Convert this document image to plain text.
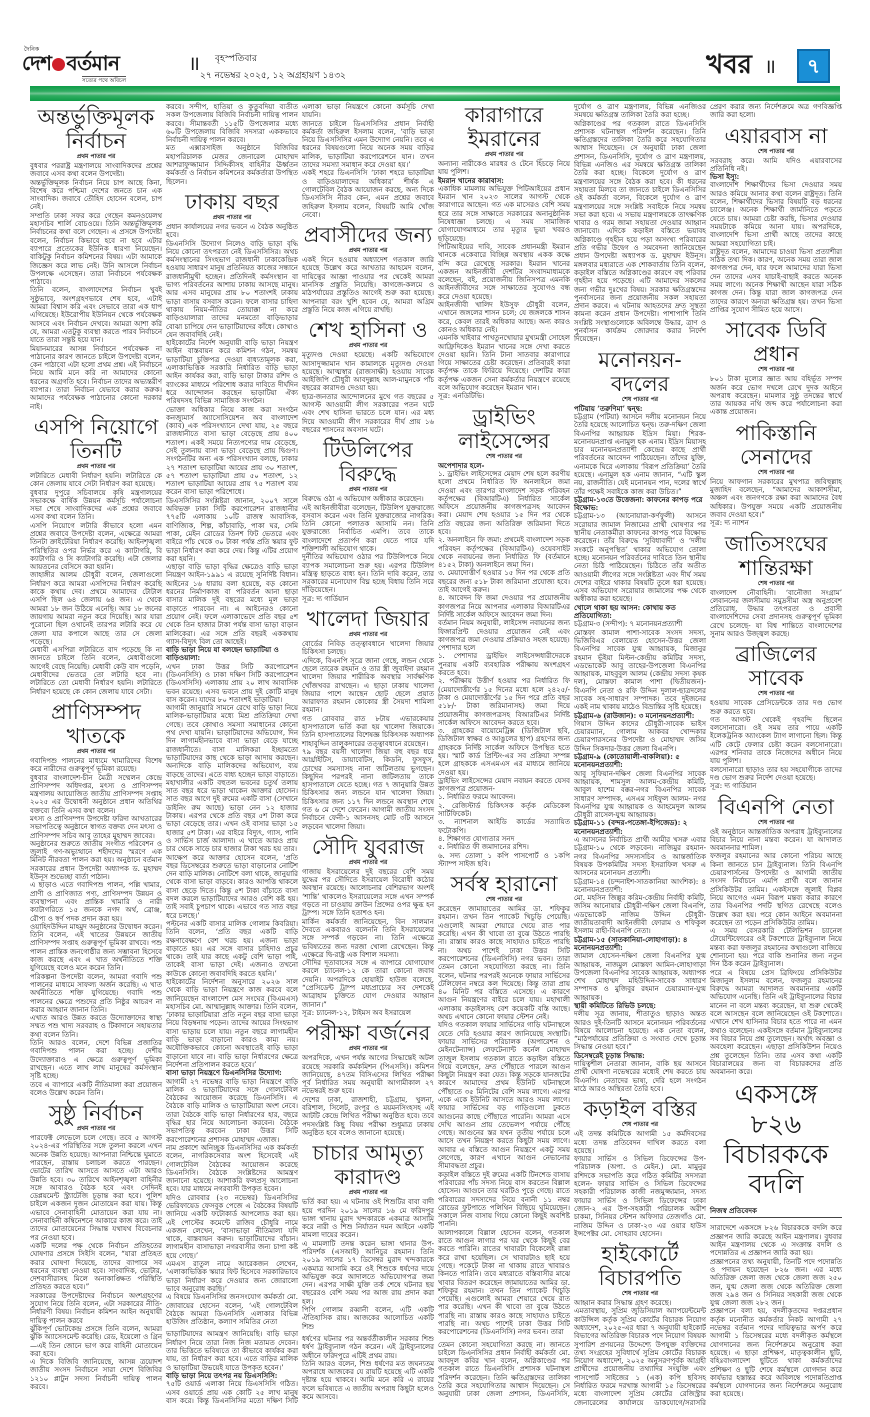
দৈনিক
দেশ বর্তমান
সত্যের পথে অবিচল
॥ বৃহস্পতিবার
২৭ নভেম্বর ২০২৫, ১২ অগ্রহায়ণ ১৪৩২	খবর ॥	৭
অন্তর্ভুক্তিমূলক নির্বাচন
প্রথম পাতার পর

বুধবার পররাষ্ট্র মন্ত্রণালয়ে সাংবাদিকদের প্রশ্নের জবাবে এসব কথা বলেন উপদেষ্টা।

অন্তর্ভুক্তিমূলক নির্বাচন নিয়ে চাপ আছে কিনা, বিশেষ করে পশ্চিমা দেশের জনতে চান এক সাংবাদিক। জবাবে তৌহিদ হোসেন বলেন, চাপ নেই।

সম্প্রতি ঢাকা সফর করে গেছেন কমনওয়েলথ মহাসচিব শার্লি বোচওয়ে। তিনি অন্তর্ভুক্তিমূলক নির্বাচনের কথা বলে গেছেন। এ প্রসঙ্গে উপদেষ্টা বলেন, নির্বাচন কিভাবে হবে না হবে এটার ব্যাপারে প্রত্যেকের ইউনিক ধারণা নিয়েছেন। বাকিটুকু নির্বাচন কমিশনের বিষয়। এটা আমাকে জিজ্ঞেস করে লাভ নেই। উনি আসলে নির্বাচন উপলক্ষে এসেছেন। তারা নির্বাচনে পর্যবেক্ষক পাঠাবে।

তিনি বলেন, বাংলাদেশের নির্বাচন খুবই সুষ্ঠুভাবে, অংশগ্রহণভাবে শেষ হবে, এটাই আমরা বিশ্বাস করি এবং সেভাবে তারা এক ধাপ এগিয়েছে। ইউরোপীয় ইউনিয়ন থেকে পর্যবেক্ষক আসবে এবং নির্বাচন দেখবে। আমরা আশা করি যে, আমরা এতটুকু ব্যবস্থা করতে পারব নির্বাচনে যাতে তারা সন্তুষ্ট হয়ে যান।

মিয়ানমারের আসন্ন নির্বাচনে পর্যবেক্ষক না পাঠানোর কারণ জানতে চাইলে উপদেষ্টা বলেন, কেন পাঠাবো এটা হলো প্রথম প্রশ্ন। এই নির্বাচনে নিয়ে আমি মনে করি না আমাদের কোনো ধরনের অগ্রগতি হবে। নির্বাচন তাদের অভ্যন্তরীণ ব্যাপার। তারা নির্বাচন যেভাবে করার করুক। আমাদের পর্যবেক্ষক পাঠানোর কোনো দরকার নাই।

এসপি নিয়োগে তিনটি
প্রথম পাতার পর

লটারিতে মেধাবী নির্ধারণ হয়নি। লটারিতে কে কোন জেলায় যাবে সেটা নির্ধারণ করা হয়েছে।

বুধবার দুপুরে সচিবালয়ে কৃষি মন্ত্রণালয়ের সভাকক্ষে বার্ষিক উন্নয়ন কর্মসূচি পর্যালোচনা সভা শেষে সাংবাদিকদের এক প্রশ্নের জবাবে এসব কথা বলেন তিনি।

এসপি নিয়োগে লটারি কীভাবে হলো এমন প্রশ্নের জবাবে উপদেষ্টা বলেন, এক্ষেত্রে আমরা তিনটা ক্রাইটেরিয়া নির্ধারণ করেছি। আইনশৃঙ্খলা পরিস্থিতির ওপর নির্ভর করে এ ক্যাটাগরি, বি ক্যাটাগরি ও সি ক্যাটাগরি করেছি। এটা জেলার আয়তনের বেসিসে করা হয়নি।

জাহাঙ্গীর আলম চৌধুরী বলেন, জেলাগুলো নির্ধারণ করে আমরা এসপিদের নির্ধারণ করেছি কাকে কথায় দেব। প্রথমে আমাদের টোটাল এসপি ছিল ৬৪ জেলায় ৬৪ জন। এ থেকে আমরা ১৮ জন উঠিয়ে এনেছি। আর ১৮ জনের জায়গায় আমরা নতুন করে দিয়েছি। আর যারা পুরোনো ছিল ওখানেই তারপর লটারি করে যে জেলা যার কপালে আছে তার সে জেলা পড়েছে।

মেধাবী এসপিরা লটারিতে বাদ পড়েছে কি না জানতে চাইলে তিনি বলেন, মেধাবীগুলো আগেই বেছে নিয়েছি। মেধাবী কেউ বাদ পড়েনি, মেধাবীদের ভেতরে তো লটারি হবে না। লটারিতে তো মেধাবী নির্ধারণ হয়নি। লটারিতে নির্ধারণ হয়েছে কে কোন জেলায় যাবে সেটা।

প্রাণিসম্পদ খাতকে
প্রথম পাতার পর

গবাদিপশু পালনের মাধ্যমে খামারিদের বিশেষ করে নারীদের গুরুত্বপূর্ণ ভূমিকা রয়েছে।

বুধবার বাংলাদেশ-চীন মৈত্রী সম্মেলন কেন্দ্রে প্রাণিসম্পদ অধিদপ্তর, মৎস্য ও প্রাণিসম্পদ মন্ত্রণালয় আয়োজিত জাতীয় প্রাণিসম্পদ সপ্তাহ ২০২৫ এর উদ্বোধনী অনুষ্ঠানে প্রধান অতিথির বক্তব্যে তিনি এসব কথা বলেন।

মৎস্য ও প্রাণিসম্পদ উপদেষ্টা ফরিদা আখতারের সভাপতিত্বে অনুষ্ঠানে স্বাগত বক্তব্য দেন মৎস্য ও প্রাণিসম্পদ সচিব আবু তাহের মুহাম্মদ জাবের।

অনুষ্ঠানের শুরুতে জাতীয় সংগীত পরিবেশন ও জুলাই গণ-অভ্যুত্থানে শহীদদের স্মরণে এক মিনিট নীরবতা পালন করা হয়। অনুষ্ঠানে বর্তমান সরকারের প্রধান উপদেষ্টা অধ্যাপক ড. মুহাম্মদ ইউনূস শুভেচ্ছা বার্তা পাঠান।

এ ছাড়াও এতে গবাদিপশু পালন, পল্লি খামার, প্রাণী ও প্রাণিজাত পণ্য, প্রাণিসম্পদ উন্নয়ন ও ব্যবস্থাপনা এবং প্রান্তিক খামারি ও নারী ক্যাটাগরিতে ১৫ জনকে নগদ অর্থ, ব্রোঞ্জ, রৌপ্য ও স্বর্ণ পদক প্রদান করা হয়।

ওয়াহিদউদ্দিন মাহমুদ অনুষ্ঠানের উদ্বোধন করেন। তিনি বলেন, এই খাতের উন্নয়নে জাতীয় প্রাণিসম্পদ সপ্তাহ গুরুত্বপূর্ণ ভূমিকা রাখবে। পশু পালন প্রান্তিক জনগোষ্ঠীর জন্য সম্ভাবনা হিসেবে কাজ করছে এবং এ খাত অর্থনীতিতে শক্তি যুগিয়েছে বলেও মনে করেন তিনি।

পরিকল্পনা উপদেষ্টা বলেন, আমরা গবাদি পশু পালনের মাধ্যমে সাফল্য অর্জন করেছি। এ খাত অর্থনীতিতে শক্তি যুগিয়েছে। গবাদি পশু পালনের ক্ষেত্রে পশুদের প্রতি নিষ্ঠুর আচরণ না করার আহ্বান জানান তিনি।

এখাত আরও উন্নত করতে উদ্যোক্তাদের স্বাস্থ্য সম্মত পশু খাদ্য সরবরাহ ও টিকাদানে সহায়তার কথা বলেন তিনি।

তিনি আরও বলেন, দেশে বিভিন্ন প্রজাতির গবাদিপশু পালন করা হচ্ছে। দেশীয় উদ্যোক্তারাও এ ক্ষেত্রে গুরুত্বপূর্ণ ভূমিকা রাখছেন। এতে লাখ লাখ মানুষের কর্মসংস্থান সৃষ্টি হচ্ছে।

তবে এ ব্যাপারে একটি নীতিমালা করা প্রয়োজন বলেও উল্লেখ করেন তিনি।

সুষ্ঠু নির্বাচন
প্রথম পাতার পর

পারফেক্ট লেভেলে চলে গেছে। তবে ৫ আগস্ট ২০২৪-এর পরিস্থিতির সঙ্গে তুলনা করলে এখন অনেক উন্নতি হয়েছে। আপনারা নিশ্চিন্তে ঘুমাতে পারছেন, রাস্তায় চলাচল করতে পারছেন। ভোটের তারিখ আসতে আসতে এটা আরও উন্নতি হবে। ৩০ তারিখে আইনশৃঙ্খলা বাহিনীর সঙ্গে আবারও বৈঠক হবে এবং সেদিনই ডেপ্লয়মেন্ট স্ট্র্যাটেজি চূড়ান্ত করা হবে। পুলিশ চাইলে একজন দুজন মোতায়েন করা যায়। কিন্তু এভাবে সেনাবাহিনী মোতায়েন করা যায় না। সেনাবাহিনী কম্বিনেশনে আকারে কাজ করে। তাই তাদের মোতায়েনের সিদ্ধান্ত যথাযথ বিবেচনার পর নেওয়া হবে।

একটি দলের পক্ষ থেকে নির্বাচন প্রতিহতের ঘোষণার প্রসঙ্গে সিইসি বলেন, “যারা প্রতিহত করার ঘোষণা দিয়েছে, তাদের ব্যাপারে সব ধরনের ব্যবস্থা নেওয়া হবে। সাংবাদিক, ভোটার, দেশবাসীরাসহ মিলে অনাকাঙ্ক্ষিত পরিস্থিতি প্রতিহত করতে হবে।”

সরকারের উপদেষ্টাদের নির্বাচনে অংশগ্রহণের সুযোগ নিয়ে তিনি বলেন, এটা সরকারের নীতি-নির্ধারণী বিষয়। নির্বাচন কমিশন আইন অনুযায়ী দায়িত্ব পালন করবে

ঝুঁকিপূর্ণ ভোটকেন্দ্র প্রসঙ্গে তিনি বলেন, আমরা ঝুঁকি অ্যাসেসমেন্ট করেছি। রেড, ইয়েলো ও গ্রিন—এই তিন জোনে ভাগ করে বাহিনী মোতায়েন করা হবে।

এ দিকে বিজিবি জানিয়েছে, আসন্ন ত্রয়োদশ জাতীয় সংসদ নির্বাচনে সারা দেশে বিজিবির ১২১০ প্লাটুন সদস্য নির্বাচনী দায়িত্ব পালন করবে।

করবে। সন্দীপ, হাতিয়া ও কুতুবদিয়া ব্যতীত সকল উপজেলায় বিজিবি নির্বাচনী দায়িত্ব পালন করবে। সীমান্তবর্তী ১১৫টি উপজেলার মধ্যে ৬০টি উপজেলায় বিজিবি সদস্যরা এককভাবে নির্বাচনী দায়িত্ব পালন করবে।

মত এক্সারসাইজ অনুষ্ঠানে বিজিবির মহাপরিচালক মেজর জেনারেল মোহাম্মদ আশরাফুজ্জামান সিদ্দিকীসহ বাহিনীর ঊর্ধ্বতন কর্মকর্তা ও নির্বাচন কমিশনের কর্মকর্তারা উপস্থিত ছিলেন।

ঢাকায় বছর
প্রথম পাতার পর

প্রধান কার্যালয়ের নগর ভবনে এ বৈঠক অনুষ্ঠিত হবে।

ডিএনসিসি উদ্যোগ নিলেও বাড়ি ভাড়া বৃদ্ধি নিয়ে কোনো তৎপরতা নেই ডিএসসিসির। অথচ কর্মসংস্থানের সিংহভাগ রাজধানী ঢাকাকেন্দ্রিক হওয়ায় সাধারণ মানুষ প্রতিনিয়ত কাজের সন্ধানে রাজধানীমুখী হচ্ছেন। প্রতিদিনই কর্মসংস্থান বা ভাগ্য পরিবর্তনের আশায় ঢাকায় আসছে মানুষ। আর এসব মানুষের প্রায় ৮০ শতাংশই ঢাকায় ভাড়া বাসায় বসবাস করেন। ফলে বাসার চাহিদা থাকায় নিয়ম-নীতির তোয়াক্কা না করে বাড়িওয়ালারা তাদের মনমতো বাড়িভাড়ার বোঝা চাপিয়ে দেন ভাড়াটিয়াদের কাঁধে। কোথাও যেন জবাবদিহি নেই।

হাইকোর্টের নির্দেশ অনুযায়ী বাড়ি ভাড়া নিয়ন্ত্রণ আইন বাস্তবায়ন করে কমিশন গঠন, সমন্বয় ভাড়াটিয়া চুক্তিপত্র দেওয়া বাধ্যতামূলক করা, এলাকাভিত্তিক সরকারি নির্ধারিত বাড়ি ভাড়া আইন কার্যকর করা, বাড়ি ভাড়া টাকার রশিদ ও ব্যাংকের মাধ্যমে পরিশোধ করার দাবিতে দীর্ঘদিন ধরে আন্দোলন করছেন ভাড়াটিয়া ঐক্য পরিষদসহ বিভিন্ন সামাজিক সংগঠন।

ভোক্তা অধিকার নিয়ে কাজ করা সংগঠন কনজ্যুমার্স অ্যাসোসিয়েশন অব বাংলাদেশ (ক্যাব) এক পরিসংখ্যানে দেখা যায়, ২৫ বছরে রাজধানীতে বাসা ভাড়া বেড়েছে প্রায় ৪০০ শতাংশ। একই সময়ে নিত্যপণ্যের দাম বেড়েছে, সেই তুলনায় বাসা ভাড়া বেড়েছে প্রায় দ্বিগুণ। সংগঠনটির অন্য এক পরিসংখ্যান বলছে, ঢাকার ২৭ শতাংশ ভাড়াটিয়া আয়ের প্রায় ৩০ শতাংশ, ৫৭ শতাংশ ভাড়াটিয়া প্রায় ৫০ শতাংশ, ১২ শতাংশ ভাড়াটিয়া আয়ের প্রায় ৭৫ শতাংশ ব্যয় করেন বাসা ভাড়া পরিশোধে।

ডিএসসিসির সংশ্লিষ্টরা জানান, ২০০৭ সালে অবিভক্ত ঢাকা সিটি করপোরেশন রাজধানীর ৭৭৫টি এলাকায় ১০টি রাজস্ব আবাসিক, বাণিজ্যিক, শিল্প, কাঁচাবাড়ি, পাকা ঘর, সেমি পাকা, মেইন রোডের তিনশ ফিট ভেতরে এবং বাইরে পাঁচ থেকে ৩০ টাকা পর্যন্ত প্রতি স্কয়ার ফুট ভাড়া নির্ধারণ করা করে দেয়। কিন্তু এটির প্রয়োগ করা হয়নি।

এছাড়া বাড়ি ভাড়া বৃদ্ধির ক্ষেত্রেও বাড়ি ভাড়া নিয়ন্ত্রণ আইন-১৯৯১ এ রয়েছে সুনির্দিষ্ট বিধান। আইনের ১৬ ধারায় বলা হয়েছে, বড় কোনো ধরনের নির্মাণকাজ বা পরিবর্তন আনা ছাড়া বাসার মালিক দুই বছরের মধ্যে মূল ভাড়া বাড়াতে পারবেন না। এ আইনেরও কোনো প্রয়োগ নেই। ফলে এলাকাভেদে প্রতি বছর ৫শ থেকে তিন হাজার টাকা পর্যন্ত বাসা ভাড়া বাড়ান মালিকেরা। এর সঙ্গে প্রতি বছরই এককথায় গ্যাস-বিদ্যুৎ বিল তো আছেই।

বাড়ি ভাড়া নিয়ে যা বলছেন ভাড়াটিয়া ও বাড়িওয়ালা:

এখন ঢাকা উত্তর সিটি করপোরেশন (ডিএনসিসি) ও ঢাকা দক্ষিণ সিটি করপোরেশন (ডিএসসিসি) এলাকায় প্রায় ২০ লাখ আবাসিক ভবন রয়েছে। এসব ভবনে প্রায় দুই কোটি মানুষ বাস করেন। যাদের ৮০ শতাংশই ভাড়াটিয়া।

আগামী জানুয়ারি সামনে রেখে বাড়ি ভাড়া নিয়ে মালিক-ভাড়াটিয়ার মধ্যে মিশ্র প্রতিক্রিয়া দেখা গেছে। তবে কোথাও সমস্যা সমাধানের কোনো পথ দেখা যায়নি। ভাড়াটিয়াদের অভিযোগ, দিন দিন লাগামহীনভাবে বাসা ভাড়া বেড়ে যাচ্ছে রাজধানীতে। বাসা মালিকরা ইচ্ছামতো ভাড়াটিয়াদের কাছ থেকে ভাড়া আদায় করছেন। অন্যদিকে বাড়ি মালিকদের অভিযোগ, ব্যয় বাড়ছে তাদের। এতে বাধ্য হচ্ছেন ভাড়া বাড়াতে।

মহাখালীর একটি বহুতল ভবনের চতুর্থ তলায় সাত বছর ধরে ভাড়া থাকেন আক্তার হোসেন। সাত বছর আগে দুই রুমের একটি বাসা (সেখানে ডাইনিং রুম আছে) ভাড়া নেন ১২ হাজার টাকায়। এরপর থেকে প্রতি বছর ৫শ টাকা করে ভাড়া বেড়েছে তার। এখন ওই বাসার ভাড়া ১৫ হাজার ৫শ টাকা। এর বাইরে বিদ্যুৎ, গ্যাস, পানি ও সার্ভিস চার্জ আলাদা। এ খাতে আরও প্রায় চার থেকে সাড়ে চার হাজার টাকা খরচ হয় তার।

আক্ষেপ করে আক্তার হোসেন বলেন, ‘প্রতি বছর ডিসেম্বরের শুরুতে ভাড়া বাড়ানোর নোটিশ দেন বাড়ি মালিক। নোটিশে বলা থাকে, জানুয়ারি থেকে বাসা ভাড়া বাড়বে। কারও আপত্তি থাকলে বাসা ছেড়ে দিতে। কিন্তু ৫শ টাকা বাঁচাতে বাসা বদল করলে ভাড়াটিয়াদের আরও বেশি কষ্ট হয়। তাই সবাই চুপচাপ থাকে। এভাবে গত সাত বছর ধরে চলছে।’

পল্টনের একটি বাসার মালিক গোলাম কিবরিয়া। তিনি বলেন, ‘প্রতি বছর একটি বাড়ি রক্ষণাবেক্ষণে বেশ খরচ হয়। এজন্য ভাড়া বাড়াতে হয়। এর সঙ্গে বাসার চাহিদাও প্রচুর থাকে। তাই যার কাছে একটু বেশি ভাড়া পাই, তাকেই বাসা ভাড়া দেই। এজন্যও তখনো কাউকে কোনো জবাবদিহি করতে হয়নি।’

হাইকোর্টের নির্দেশনা অনুসারে ২০২৬ সাল থেকে বাড়ি ভাড়া নিয়ন্ত্রণে কাজ করবে বলে জানিয়েছেন বাংলাদেশ মেস সংঘের (বিএমএস) মহাসচিব মো. আম্মানুল্লাহ আক্তার। তিনি বলেন, ‘ঢাকার ভাড়াটিয়ারা প্রতি নতুন বছর বাসা ভাড়া নিয়ে বিড়ম্বনায় পড়েন। তাদের আয়ের সিংহভাগ বাসা ভাড়ায় চলে যায়। নতুন বছরে লাগামহীন বাড়ি ভাড়া বাড়ানো কারও কাম্য নয়। অযৌক্তিকভাবে কোনো অবস্থাতেই বাড়ি ভাড়া বাড়ানো যাবে না। বাড়ি ভাড়া নির্ধারণের ক্ষেত্রে নির্দেশনা প্রতিপালন করতে হবে।’

বাসা ভাড়া নিয়ন্ত্রণে ডিএনসিসির উদ্যোগ:

আগামী ২৭ নভেম্বর বাড়ি ভাড়া নিয়ন্ত্রণে বাড়ি মালিক ও ভাড়াটিয়াদের সঙ্গে গোলটেবিল বৈঠকের আয়োজন করেছে ডিএনসিসি। এ বৈঠকে বাড়ি মালিক ও ভাড়াটিয়ারা অংশ নেবে। তারা বৈঠকে বাড়ি ভাড়া নির্ধারণের হার, বছরে বৃদ্ধির হার নিয়ে আলোচনা করবেন। বৈঠকে সভাপতিত্ব করবেন ঢাকা উত্তর সিটি করপোরেশনের প্রশাসক মোহাম্মদ এজাজ।

নাম প্রকাশে অনিচ্ছুক ডিএনসিসির এক কর্মকর্তা বলেন, নাগরিকসেবার অংশ হিসেবেই এই গোলটেবিল বৈঠকের আয়োজন করেছে ডিএনসিসি। বৈঠকে সংশ্লিষ্টদের আমন্ত্রণ জানানো হয়েছে। আশাকরি ফলপ্রসূ আলোচনা হবে। যার মাধ্যমে নগরবাসী উপকৃত হবেন।

যদিও রোববার (২৩ নভেম্বর) ডিএনসিসির ভেরিফায়েড ফেসবুক পেজে এ বৈঠকের বিষয়টি জানিয়ে একটি ফটোকার্ড আপলোড করা হয়। এই পোস্টের কমেন্টে রাজিব চৌধুরি নামে একজন লেখেন, ‘বাসাভাড়া নীতিমালা যদি থাকে, বাস্তবায়ন করুন। ভাড়াটিয়াদের বাঁচান। লাগামহীন বাসাভাড়া নগরবাসীর জন্য চাপা কষ্ট হয়ে গেছে।’

এমএস রাতুল নামে আরেকজন লেখেন, ‘এলাকাভিত্তিক স্কয়ার ফিট হিসেবে সরকারিভাবে ভাড়া নির্ধারণ করে দেওয়ার জন্য জোরালো ভাবে অনুরোধ করছি।’

এ বিষয়ে ডিএনসিসির জনসংযোগ কর্মকর্তা মো. জোবায়ের হোসেন বলেন, ‘এই গোলটেবিল বৈঠকে আমরা ডিএনসিসি এলাকার বিভিন্ন হাউজিং প্রতিষ্ঠান, কল্যাণ সমিতির নেতা

ভাড়াটিয়াদের আমন্ত্রণ জানিয়েছি। বাড়ি ভাড়া নির্ধারণ নিয়ে তারা নিজ নিজ মতামত দেবেন। তার ভিত্তিতে ভবিষ্যতে তা কীভাবে কার্যকর করা যায়, তা নির্ধারণ করা হবে। এতে বাড়ির মালিক ও ভাড়াটিয়া উভয়েই যাতে উপকৃত হবেন।’

বাড়ি ভাড়া নিয়ে তৎপর নয় ডিএসসিসি:

৭৫টি ওয়ার্ড এলাকা নিয়ে ডিএসসিসি গঠিত। এসব ওয়ার্ডে প্রায় এক কোটি ২৫ লাখ মানুষ বাস করে। কিন্তু ডিএনসিসির মতো দক্ষিণ সিটি এলাকা ভাড়া নিয়ন্ত্রণে কোনো কর্মসূচি দেখা যায়নি।

জানতে চাইলে ডিএসসিসির প্রধান নির্বাহী কর্মকর্তা জহিরুল ইসলাম বলেন, ‘বাড়ি ভাড়া নিয়ে ডিএসসিসির এমন উদ্যোগ নেয়নি। তবে এ ধরনের বিষয়গুলো নিয়ে অনেক সময় বাড়ির মালিক, ভাড়াটিয়া করপোরেশনে যান। তখন তাদের সমস্যা সমাধান করে দেওয়া হয়।’

একই শহরে ডিএনসিসি ‘ঢাকা শহরে ভাড়াটিয়া ও বাড়িওয়ালাদের অধিকার’ শীর্ষক এ গোলটেবিল বৈঠক আয়োজন করছে, অন্য দিকে ডিএসসিসি নীরব কেন, এমন প্রশ্নের জবাবে জহিরুল ইসলাম বলেন, বিষয়টি আমি খোঁজ নেবো।

প্রবাসীদের জন্য
প্রথম পাতার পর

একই দিনে হওয়ায় অধ্যাদেশ গতকাল জারি হয়েছে উল্লেখ করে আখতার আহমেদ বলেন, দায়িত্বের আজ্ঞা পাওয়ার পর থেকেই আমরা মানসিক প্রস্তুতি নিয়েছি। কাগজে-কলমে ও মাঠপর্যায়ের প্রস্তুতিও আগেই শুরু করা হয়েছে। আপনারা বরং খুশি হবেন যে, আমরা অগ্রিম প্রস্তুতি নিয়ে কাজ এগিয়ে রাখছি।

শেখ হাসিনা ও
প্রথম পাতার পর

মৃত্যুদণ্ড দেওয়া হয়েছে। একটি অভিযোগে আসাদুজ্জামান খান কামালকে মৃত্যুদণ্ড দেওয়া হয়েছে। আত্মস্বার (রাজসাক্ষী) হওয়ায় সাবেক আইজিপি চৌধুরী আবদুল্লাহ আল-মামুনকে পাঁচ বছরের কারাদণ্ড দেওয়া হয়।

ছাত্র-জনতার আন্দোলনের মুখে গত বছরের ৫ আগস্ট আওয়ামী লীগ সরকারের পতন ঘটে এবং শেখ হাসিনা ভারতে চলে যান। এর মধ্য দিয়ে আওয়ামী লীগ সরকারের দীর্ঘ প্রায় ১৬ বছরের শাসনের অবসান ঘটে।

টিউলিপের বিরুদ্ধে
প্রথম পাতার পর

বিরুদ্ধে ওঠা এ অভিযোগ অস্বীকার করেছেন।

এই আইনজীবীরা বলেছেন, টিউলিপ যুক্তরাজ্যে বসবাস করেন এবং তিনি যুক্তরাজ্যের নাগরিক। তিনি কোনো পলাতক আসামি নন। তিনি যুক্তরাজ্যে নির্বাচিত এমপি। তবে তাকে বাংলাদেশে প্রত্যর্পণ করা যেতে পারে যদি শক্তিশালী অভিযোগ থাকে।

দুর্নীতির অভিযোগ ওঠার পর টিউলিপকে নিয়ে ব্যাপক সমালোচনা শুরু হয়। এরপর টিউলিপ মন্ত্রিত্ব ছাড়তে বাধ্য হন। তিনি দাবি করেন, তার সরকারের মনোযোগ বিঘ্ন হচ্ছে বিধায় তিনি সরে দাঁড়িয়েছেন।

সূত্র: দ্য গার্ডিয়ান

খালেদা জিয়ার
প্রথম পাতার পর

বোর্ডের নিবিড় তত্ত্বাবধানে খালেদা জিয়ার চিকিৎসা চলছে।

এদিকে, বিএনপি সূত্রে জানা গেছে, লন্ডন থেকে ছেলে তারেক রহমান ও তার স্ত্রী জুবাইদা রহমান খালেদা জিয়ার শারীরিক অবস্থার সার্বক্ষণিক খোঁজখবর রাখছেন। এ ছাড়া ঢাকায় খালেদা জিয়ার পাশে আছেন ছোট ছেলে প্রয়াত আরাফাত রহমান কোকোর স্ত্রী সৈয়দা শামিলা রহমান।

গত রোববার রাত ৮টায় এভারকেয়ার হাসপাতালে ভর্তি করা হয় খালেদা জিয়াকে। তিনি হাসপাতালের বিশেষজ্ঞ চিকিৎসক অধ্যাপক শাহাবুদ্দিন তালুকদারের তত্ত্বাবধানে রয়েছেন।

৭৯ বছর বয়সী খালেদা জিয়া বহু বছর ধরে আর্থ্রাইটিস, ডায়াবেটিস, কিডনি, ফুসফুস, চোখের সমস্যাসহ নানা জটিলতায় ভুগছেন। কিছুদিন পরপরই নানা জটিলতায় তাকে হাসপাতালে যেতে হচ্ছে। গত ৭ জানুয়ারি উন্নত চিকিৎসার জন্য লন্ডনে যান খালেদা জিয়া। চিকিৎসার জন্য ১১৭ দিন লন্ডনে অবস্থান শেষে গত ৬ মে দেশে ফেরেন। আগামী জাতীয় সংসদ নির্বাচনে ফেনী-১ আসনসহ মোট ৩টি আসনে লড়বেন খালেদা জিয়া।

সৌদি যুবরাজ
প্রথম পাতার পর

গাজায় ইসরায়েলের দুই বছরের বেশি সময় যুদ্ধের পর সৌদিতে ইসরায়েল বিরোধী কঠোর অবস্থান রয়েছে। আলোচনার বেশিরভাগ অংশই ‘শান্তি’ থাকলেও ইসরায়েলের সঙ্গে এখন সম্পর্ক গড়তে না চাওয়ায় ক্রাউন প্রিন্সের ওপর ক্ষুব্ধ হন ট্রাম্প। সঙ্গে তিনি হতাশও হন।

মার্কিন কর্মকর্তা জানিয়েছেন, বিন সালমান দৈবতে একবারও বলেননি তিনি ইসরায়েলের সঙ্গে সম্পর্ক গড়বেন না। তিনি এক্ষেত্রে ভবিষ্যতের জন্য দরজা খোলা রেখেছেন। কিন্তু এক্ষেত্রে দ্বি-রাষ্ট্র এক বিশাল সমস্যা।

সৌদির দূতাবাসের সঙ্গে এ ব্যাপারে যোগাযোগ করলে চ্যানেল-১২ কে তারা কোনো জবাব দেয়নি। অপরদিকে হোয়াইট হাউজ বলেছে, “প্রেসিডেন্ট ট্রাম্প মধ্যপ্রাচ্যের সব দেশকেই আব্রাহাম চুক্তিতে যোগ দেওয়ার আহ্বান জানান।”

সূত্র: চ্যানেল-১২, টাইমস অব ইসরায়েল

পরীক্ষা বর্জনের
প্রথম পাতার পর

অপরদিকে, এখন পর্যন্ত আগের সিদ্ধান্তেই অটল রয়েছে সরকারি কর্মকমিশন (পিএসসি)। কমিশন জানিয়েছে, ৪৭তম বিসিএসের লিখিত পরীক্ষা পূর্ব নির্ধারিত সময় অনুযায়ী আগামীকাল ২৭ নভেম্বরই শুরু হবে।

দেশের ঢাকা, রাজশাহী, চট্টগ্রাম, খুলনা, বরিশাল, সিলেট, রংপুর ও ময়মনসিংহসহ এই আটটি কেন্দ্রে লিখিত পরীক্ষা অনুষ্ঠিত হবে। তবে পদসংশ্লিষ্ট কিছু বিষয় পরীক্ষা শুধুমাত্র ঢাকায় অনুষ্ঠিত হবে বলেও জানানো হয়েছে।

চাচার আমৃত্যু কারাদণ্ড
প্রথম পাতার পর

ভর্তি করা হয়। এ ঘটনায় ওই শিশুটির বাবা বাদী হয়ে পরদিন ২০১৯ সালের ১৬ মে ফরিদপুর ভাঙ্গা থানায় মুরাদ খন্দকারকে একমাত্র আসামি করে নারী ও শিশু নির্যাতন দমন আইনে একটি মামলা দায়ের করেন।

এ মামলাটি তদন্ত করেন ভাঙ্গা থানার উপ-পরিদর্শক (এসআই) আনিচুর রহমান। তিনি ২০১৯ সালের ১৭ ডিসেম্বর মুরাদ খন্দকারকে একমাত্র আসামি করে ওই শিশুকে ধর্ষণের দায়ে অভিযুক্ত করে আদালতে অভিযোগপত্র জমা দেন। এরপর সাক্ষী যুক্তি তর্ক শেষে ঘটনার ছয় বছরেরও বেশি সময় পর আজ রায় প্রদান করা হল।

পিপি গোলাম রব্বানী বলেন, এটি একটি ঐতিহাসিক রায়। আজকের আলোচিত একটি শিশু

ধর্ষণের ঘটনার পর অন্তর্বর্তীকালীন সরকার শিশু ধর্ষণ ট্রাইব্যুনাল গঠন করেন। এই ট্রাইব্যুনালের অধীনে ফরিদপুরে এটিই প্রথম রায়।

তিনি আরও বলেন, শিশু ধর্ষণের মত জঘন্যতম অপরাধে আজকের যে রায়টি হয়েছে এটি একটি দৃষ্টান্ত হয়ে থাকবে। আমি মনে করি এ রায়ের ফলে ভবিষ্যতে এ জাতীয় অপরাধ কিছুটা হলেও কমে আসবে।

কারাগারে ইমরানের
প্রথম পাতার পর

অন্যান্য নারীকেও মারধর ও টেনে হিঁচড়ে নিয়ে যায় পুলিশ।

ইমরান খানের কারাবাস:

একাধিক মামলায় অভিযুক্ত পিটিআইয়ের প্রধান ইমরান খান ২০২৩ সালের আগস্ট থেকে কারাগারে আছেন। গত এক মাসেরও বেশি সময় ধরে তার সঙ্গে সাক্ষাতে সরকারের অনানুষ্ঠানিক নিষেধাজ্ঞা চলছে। এ সময় সামাজিক যোগাযোগমাধ্যমে তার মৃত্যুর ভুয়া খবরও ছড়িয়েছে।

পিটিআইয়ের দাবি, সাবেক প্রধানমন্ত্রী ইমরান খানকে একেবারে বিচ্ছিন্ন অবস্থায় একক কক্ষে বন্দি করে রেখেছে সরকার। ইমরান খানের একজন আইনজীবী দেশটির সংবাদমাধ্যমকে বলেছেন, বই, প্রয়োজনীয় জিনিসপত্র এমনকি আইনজীবীদের সঙ্গে সাক্ষাতের সুযোগও বন্ধ করে দেওয়া হয়েছে।

আইনজীবী খালিদ ইউসুফ চৌধুরী বলেন, এখানে জঙ্গলের শাসন চলে; যে জঙ্গলকে শাসন করে, কেবল তারই অধিকার আছে। অন্য কারও কোনও অধিকার নেই।

এমনকি খাইবার পাখতুনখোয়ার মুখ্যমন্ত্রী সোহেল আফ্রিদিকেও ইমরান খানের সঙ্গে দেখা করতে দেওয়া হয়নি। তিনি টানা সাতবার কারাগারে গিয়ে সাক্ষাতের চেষ্টা করেছেন। প্রতিবারই কারা কর্তৃপক্ষ তাকে ফিরিয়ে দিয়েছে। দেশটির কারা কর্তৃপক্ষ একজন সেনা কর্মকর্তার নিয়ন্ত্রণে রয়েছে বলে অভিযোগ করেছেন ইমরান খান।

সূত্র: এনডিটিভি।

ড্রাইভিং লাইসেন্সের
শেষ পাতার পর

অপেশাদার হলে-

১. ড্রাইভিং লাইসেন্সের মেয়াদ শেষ হলে করণীয় হলো প্রথমে নির্ধারিত ফি অনলাইনে জমা দেওয়া এবং তারপর বাংলাদেশ সড়ক পরিবহন কর্তৃপক্ষের (বিআরটিএ) নির্ধারিত সার্কেল অফিসে প্রয়োজনীয় কাগজপত্রসহ আবেদন করা। মেয়াদ শেষ হওয়ার ১৫ দিন পর থেকে প্রতি বছরের জন্য অতিরিক্ত জরিমানা দিতে হবে।

২. অনলাইনে ফি জমা: প্রথমেই বাংলাদেশ সড়ক পরিবহন কর্তৃপক্ষের (বিআরটিএ) ওয়েবসাইট থেকে নবায়নের জন্য নির্ধারিত ফি (বর্তমানে ৪১৫২ টাকা) অনলাইনে জমা দিন।

৩. মেয়াদোত্তীর্ণ হওয়ার ১৫ দিন পর থেকে প্রতি বছরের জন্য ৫১৮ টাকা জরিমানা প্রযোজ্য হবে। তাই আগেই করুন।

৪. আবেদন ফি জমা দেওয়ার পর প্রয়োজনীয় কাগজপত্র নিয়ে আপনার এলাকার বিআরটিএর নির্দিষ্ট সার্কেল অফিসে আবেদন জমা দিন।

বর্তমান নিয়ম অনুযায়ী, লাইসেন্স নবায়নের জন্য ফিঙ্গারপ্রিন্ট দেওয়ার প্রয়োজন নেই এবং কাগজপত্র জমা দেওয়ার প্রক্রিয়াও সহজ হয়েছে।

পেশাদার হলে

১. পেশাদার ড্রাইভিং লাইসেন্সধারীদেরকে পুনরায় একটি ব্যবহারিক পরীক্ষায় অংশগ্রহণ করতে হবে।

২. পরীক্ষায় উত্তীর্ণ হওয়ার পর নির্ধারিত ফি (মেয়াদোত্তীর্ণের ১৫ দিনের মধ্যে হলে ২৪২৫/- টাকা ও মেয়াদোত্তীর্ণের ১৫ দিন পরে প্রতি বছর ৫১৮/- টাকা জরিমানাসহ) জমা দিয়ে প্রয়োজনীয় কাগজপত্রসহ বিআরটিএর নির্দিষ্ট সার্কেল অফিসে আবেদন করতে হবে।

৩. গ্রাহকের বায়োমেট্রিক্স (ডিজিটাল ছবি, ডিজিটাল স্বাক্ষর ও আঙুলের ছাপ) গ্রহণের জন্য গ্রাহককে নির্দিষ্ট সার্কেল অফিসে উপস্থিত হতে হয়। স্মার্ট কার্ড প্রিন্টিং-এর সব প্রক্রিয়া সম্পন্ন হলে গ্রাহককে এসএমএস এর মাধ্যমে জানিয়ে দেওয়া হয়।

ড্রাইভিং লাইসেন্সের মেয়াদ নবায়ন করতে যেসব কাগজপত্র প্রয়োজন-

১. নির্ধারিত ফরমে আবেদন।

২. রেজিস্টার্ড চিকিৎসক কর্তৃক মেডিকেল সার্টিফিকেট।

৩. ন্যাশনাল আইডি কার্ডের সত্যায়িত ফটোকপি।

৪. শিক্ষাগত যোগ্যতার সনদ

৫. নির্ধারিত ফী জমাদানের রশিদ।

৬. সদ্য তোলা ১ কপি পাসপোর্ট ও ১কপি স্ট্যাম্প সাইজ ছবি।

সর্বস্ব হারানো
শেষ পাতার পর

করেছেন জামায়াতের আমির ডা. শফিকুর রহমান। তখন তিন প্যাকেট খিচুড়ি পেয়েছি। এগুলোই আমরা শেয়ারে খেয়ে রাত পার করেছি। এখন কী খাবো তা বুঝে উঠতে পারছি না। রাস্তায় কারও কাছে সাহায্যও চাইতে পারছি না। অথচ পাশেই ঢাকা উত্তর সিটি করপোরেশনের (ডিএনসিসি) নগর ভবন। তারা তেমন কোনো সহযোগিতা করছে না। তিনি বলেন, ঘটনার পরপরই অনেকে ফায়ার সার্ভিসের টেলিফোন নম্বরে কল দিয়েছে। কিন্তু তারা প্রায় ৪০ মিনিট পর বস্তিতে এসেছে। এ কারণে আগুন নিয়ন্ত্রণের বাইরে চলে যায়। মহাখালী এলাকায় কড়াইলসহ বেশ কয়েকটি বস্তি আছে। অথচ এখানে কোনো ফায়ার স্টেশন নেই।

যদিও গতকাল ফায়ার সার্ভিসের গাড়ি ঘটনাস্থলে যেতে দেরি হওয়ার কারণ জানিয়েছে সংস্থাটি। ফায়ার সার্ভিসের পরিচালক (অপারেশন ও মেইনটেন্যান্স) লেফটেন্যান্ট কর্নেল মোহাম্মদ তাজুল ইসলাম গতকাল রাতে কড়াইল বস্তিতে গিয়ে বলেছেন, দ্রুত পৌঁছাতে পারলে আগুন কিছুটা নিয়ন্ত্রণ করা যেত। কিন্তু সড়কে যানজটের কারণে আমাদের প্রথম ইউনিট ঘটনাস্থলে পৌঁছাতে ৩৫ মিনিটের বেশি সময় লাগে। এরপর একে একে ইউনিট আসতে আরও সময় লাগে। ফায়ার সার্ভিসের বড় গাড়িগুলো ঢুকতে আগুনের কাছে পৌঁছাতে পারেনি। আমরা এসে দেখি আগুন প্রায় তেভেলপ পর্যায়ে পৌঁছে গেছে। আগুনের স্তর যখন তৃতীয় পর্যায়ে চলে আসে তখন নিয়ন্ত্রণ করতে কিছুটা সময় লাগে। আবার এ বস্তিতে আগুন নিয়ন্ত্রণে একটু সময় লেগেছে, কারণ এখানে আগুন নেভানোর সীমাবদ্ধতা প্রচুর।

কড়াইল বস্তিতে দুই রুমের একটি টিনশেড বাসায় পরিবারের পাঁচ সদস্য নিয়ে বাস করতেন বিল্লাল হোসেন। আগুনে তার ঘরটিও পুড়ে গেছে। রাতে পরিবারের সদস্যদের নিয়ে বনানী ১১ নম্বর রোডের ফুটপাতে পলিথিন বিছিয়ে ঘুমিয়েছেন। সকালে নিজ বাসায় গিয়ে কোনো কিছুই অবশিষ্ট পাননি।

আলাপকালে বিল্লাল হোসেন বলেন, গতকাল রাতে আগুন লাগার পর ঘর থেকে কিছুই বের করতে পারিনি। রাতের খাবারটা বিকেলেই রান্না করে রাখা হয়েছিল। সে খাবারটাও ছাই হয়ে গেছে। পকেটে টাকা না থাকায় রাতে খাবারও কিনতে পারিনি। তবে মধ্যরাতে বস্তিবাসীর মাঝে খাবার বিতরণ করেছেন জামায়াতের আমির ডা. শফিকুর রহমান। তখন তিন প্যাকেট খিচুড়ি পেয়েছি। এগুলোই আমরা শেয়ারে খেয়ে রাত পার করেছি। এখন কী খাবো তা বুঝে উঠতে পারছি না। রাস্তায় কারও কাছে সাহায্যও চাইতে পারছি না। অথচ পাশেই ঢাকা উত্তর সিটি করপোরেশনের (ডিএনসিসি) নগর ভবন। তারা

তেমন কোনো সহযোগিতা করছে না। জানতে চাইলে ডিএনসিসির প্রধান নির্বাহী কর্মকর্তা মো. আবদুল কবির খান বলেন, অগ্নিকাণ্ডের পর গতকাল রাতে ডিএনসিসি প্রশাসক ঘটনাস্থল পরিদর্শন করেছেন। তিনি ক্ষতিগ্রস্তদের তালিকা তৈরি করে সহযোগিতার আশ্বাস দিয়েছেন। সে অনুযায়ী ঢাকা জেলা প্রশাসন, ডিএনসিসি, দুর্যোগ ও ত্রাণ মন্ত্রণালয়, বিভিন্ন এনজিওর সমন্বয়ে ক্ষতিগ্রস্ত তালিকা তৈরি করা হচ্ছে।

অগ্নিকাণ্ডের পর গতকাল রাতে ডিএনসিসি প্রশাসক ঘটনাস্থল পরিদর্শন করেছেন। তিনি ক্ষতিগ্রস্তদের তালিকা তৈরি করে সহযোগিতার আশ্বাস দিয়েছেন। সে অনুযায়ী ঢাকা জেলা প্রশাসন, ডিএনসিসি, দুর্যোগ ও ত্রাণ মন্ত্রণালয়, বিভিন্ন এনজিও এর সমন্বয়ে ক্ষতিগ্রস্ত তালিকা তৈরি করা হচ্ছে। বিকেলে দুর্যোগ ও ত্রাণ মন্ত্রণালয়ের সঙ্গে বৈঠক করা হবে। কী ধরনের সহায়তা মিলবে তা জানতে চাইলে ডিএনসিসির ওই কর্মকর্তা বলেন, বিকেলে দুর্যোগ ও ত্রাণ মন্ত্রণালয়ের সঙ্গে সংশ্লিষ্ট সবাইকে নিয়ে সমন্বয় সভা করা হবে। এ সভায় মন্ত্রণালয়কে তাৎক্ষণিক খাবার ও গরম জামা সহায়তা দেওয়ার আহ্বান জানাবো। এদিকে কড়াইল বস্তিতে ভয়াবহ অগ্নিকাণ্ডে গৃহহীন হয়ে পড়া অসংখ্য পরিবারের প্রতি গভীর উদ্বেগ ও সমবেদনা জানিয়েছেন প্রধান উপদেষ্টা অধ্যাপক ড. মুহাম্মদ ইউনূস। মঙ্গলবার মধ্যরাতে এক শোকবার্তায় তিনি বলেন, কড়াইল বস্তিতে অগ্নিকাণ্ডের কারণে বহু পরিবার গৃহহীন হয়ে পড়েছে। এটি আমাদের সকলের জন্য গভীর দুঃখের বিষয়। সরকার ক্ষতিগ্রস্তদের পুনর্বাসনের জন্য প্রয়োজনীয় সকল সহায়তা প্রদান করবে। এ ঘটনায় আহতদের দ্রুত সুস্থতা কামনা করেন প্রধান উপদেষ্টা। পাশাপাশি তিনি সংশ্লিষ্ট সংস্থাগুলোকে অবিলম্বে উদ্ধার, ত্রাণ ও পুনর্বাসন কার্যক্রম জোরদার করার নির্দেশ দিয়েছেন।

মনোনয়ন-বদলের
শেষ পাতার পর

পটিয়ায় ‘তরুণিমা’ দ্বন্দ্ব:

চট্টগ্রাম (পটিয়া) আসনে দলীয় মনোনয়ন নিয়ে তৈরি হয়েছে আলোচিত দ্বন্দ্ব। তরু-দক্ষিণ জেলা বিএনপির আহ্বায়ক ইদ্রিস মিয়া। শিরক-মনোনয়নপ্রাপ্ত এনামুল হক এনাম। ইদ্রিস মিয়াসহ চার মনোনয়নপ্রত্যাশী কেন্দ্রের কাছে প্রার্থী পরিবর্তনের আবেদন পাঠিয়েছেন। তাঁদের যুক্তি, এনামকে ঘিরে এলাকায় ‘বিরূপ প্রতিক্রিয়া’ তৈরি হয়েছে। এনামুল হক এনাম জানান, “এটি স্কুল নয়, রাজনীতি। যেই মনোনয়ন পান, দলের স্বার্থে তাঁর পক্ষেই সবাইকে কাজ করা উচিত।”

চট্টগ্রাম-১৩তে উত্তেজনা: কাফনের কাপড় পরে বিক্ষোভ:

চট্টগ্রাম-১৩ (আনোয়ারা-কর্ণফুলী) আসনে সরোয়ার জামাল নিজামের প্রার্থী ঘোষণার পর স্থানীয় নেতাকর্মীরা কাফনের কাপড় পরে বিক্ষোভ করেছেন। তাঁর বিরুদ্ধে ‘সুবিধাবাদী’ ও ‘দলীয় সংকটে অনুপস্থিত’ থাকার অভিযোগ তোলা হচ্ছে। মনোনয়ন পরিবর্তনের দাবিতে তিন স্থানীয় নেতা চিঠি পাঠিয়েছেন। চিঠিতে তাঁর অতীত আওয়ামী লীগের সঙ্গে সংশ্লিষ্টতা এবং দীর্ঘ সময় দেশের বাইরে থাকার বিষয়টি তুলে ধরা হয়েছে। এসব অভিযোগ সরোয়ার জামালের পক্ষ থেকে অস্বীকার করা হয়েছে।

খোলে থাকা ছয় আসন: কোথায় কত প্রতিযোগিতা:

চট্টগ্রাম-৩ (সন্দীপ): ৭ মনোনয়নপ্রত্যাশী

মোস্তফা কামাল পাশা-সাবেক সংসদ সদস্য, ভিজিবিএর বেলায়েত হোসেন-উত্তর জেলা বিএনপির সাবেক যুগ্ম আহ্বায়ক, মিজানুর রহমান ভূঁইয়া মিল্টন-কেন্দ্রীয় কমিটির সদস্য, এডভোকেট আবু তাহের-উপজেলা বিএনপির আহ্বায়ক, মাহবুবুল আলম (কেন্দ্রীয় সদস্য কৃষক দল), মোস্তফা কামাল পাশা (দ্বিতীয়জন)-বিএনপি নেতা ও রফি উদ্দিন দুলাল-ছাত্রদলের সাবেক সহ-সাধারণ সম্পাদক। তবে দুইজনের একই নাম থাকায় মাঠেও বিভ্রান্তির সৃষ্টি হয়েছে।

চট্টগ্রাম-৬ (রাউজান): ৩ মনোনয়নপ্রত্যাশী:

গিয়াস উদ্দিন কাদের চৌধুরী-সাবেক ভাইস চেয়ারম্যান, গোলাম আকবর খোন্দকার চেয়ারপারসনের উপদেষ্টা ও মোহাম্মদ জসিম উদ্দিন সিকদার-উত্তর জেলা বিএনপি।

চট্টগ্রাম-৯ (কোতোয়ালী-বাকলিয়া): ৫ মনোনয়নপ্রত্যাশী:

আবু সুফিয়ান-দক্ষিণ জেলা বিএনপির সাবেক আহ্বায়ক, শামসুল আলম-কেন্দ্রীয় কমিটি, আবুল হাশেম বক্কর-নগর বিএনপির সাবেক সাধারণ সম্পাদক, এসএম সাইফুল আলম- নগর বিএনপির যুগ্ম আহ্বায়ক ও আহমেদুল আলম চৌধুরী রাসেল-যুগ্ম আহ্বায়ক।

চট্টগ্রাম-১১ (বন্দর-পতেঙ্গা-ইপিজেড): ২ মনোনয়নপ্রত্যাশী:

এ আসনের নির্বাচিত প্রার্থী আমীর খসরু এবার চট্টগ্রাম-১০ থেকে লড়বেন। নাজিমুর রহমান-নগর বিএনপির সদস্যসচিব ও আন্তর্জাতিক বিষয়ক উপকমিটির সদস্য ইসরাফিল খসরু এ আসনের মনোনয়ন প্রত্যাশী।

চট্টগ্রাম-১৪ (চন্দনাইশ-সাতকানিয়া আংশিক): ৪ মনোনয়নপ্রত্যাশী:

মো. মহসিন জিল্লুর করিম-কেন্দ্রীয় নির্বাহী কমিটি, জসিম আনোয়ার চৌধুরী-দক্ষিণ জেলা বিএনপি, এডভোকেট নাজিম উদ্দিন চৌধুরী-জাতীয়তাবাদী আইনজীবী ফোরাম ও শফিকুল ইসলাম রাহী-বিএনপি নেতা।

চট্টগ্রাম-১৫ (সাতকানিয়া-লোহাগাড়া): ৪ মনোনয়নপ্রত্যাশী:

জামাল হোসেন-দক্ষিণ জেলা বিএনপির যুগ্ম আহ্বায়ক, নাজমুল মোস্তফা আমিন-লোহাগাড়া উপজেলা বিএনপির সাবেক আহ্বায়ক, অধ্যাপক শেখ মোহাম্মদ মহিউদ্দিন-সাবেক সাধারণ সম্পাদক ও মুজিবুর রহমান চেয়ারম্যান-যুগ্ম আহ্বায়ক।

স্থায়ী কমিটিতে রিভিউ চলছে:

দলীয় সূত্র জানায়, শীতাতুও ছাড়াও অন্তত আরও দুই-তিনটি আসনে মনোনয়ন পরিবর্তনের বিষয়ে আলোচনা হয়েছে। এক নেতা বলেন, “মাঠপর্যায়ের প্রতিক্রিয়া ও সংঘাত দেখে চূড়ান্ত সিদ্ধান্ত নেওয়া হবে।”

ডিসেম্বরেই চূড়ান্ত সিদ্ধান্ত:

দায়িত্বশীল নেতারা জানান, বাকি ছয় আসনে প্রার্থী ঘোষণা নভেম্বরের মধ্যেই শেষ করতে চায় বিএনপি। নেতাদের ভাষ্য, দেরি হলে সংগঠন মাঠে আরও অস্থিরতা তৈরি হবে।

কড়াইল বস্তির
শেষ পাতার পর

এই তদন্ত কমিটিকে আগামী ১৫ কর্মদিবসের মধ্যে তদন্ত প্রতিবেদন দাখিল করতে বলা হয়েছে।

ফায়ার সার্ভিস ও সিভিল ডিফেন্সের উপ-পরিচালক (অপা. ও মেইন.) মো. মামুনুর রশিদকে সভাপতি করে গঠিত কমিটির সদস্যরা হলেন- ফায়ার সার্ভিস ও সিভিল ডিফেন্সের সহকারী পরিচালক কাজী নজমুজ্জামান, সদস্য ফায়ার সার্ভিস ও সিভিল ডিফেন্সের ঢাকা জোন-২ এর উপ-সহকারী পরিচালক অরীশ চাকমা, সিনিয়র স্টেশন অফিসার তেজগাঁও মো. নাজিম উদ্দিন ও ঢাকা-২৩ এর ওয়ার হাউস ইন্সপেক্টর মো. সোহরাব হোসেন।

হাইকোর্টে বিচারপতি
শেষ পাতার পর

আহ্বান করার সিদ্ধান্ত গ্রহণ করেছে।

এমতাবস্থায়, সুপ্রিম জুডিসিয়াল অ্যাপয়েন্টমেন্ট কাউন্সিল কর্তৃক সুপ্রিম কোর্টের বিচারক নিয়োগ অধ্যাদেশ, ২০২৫-এর ধারা ৭ অনুযায়ী হাইকোর্ট বিভাগের অতিরিক্ত বিচারক পদে নিয়োগ বিষয়ক সুপারিশ প্রণয়নের উদ্দেশ্যে উপযুক্ত ব্যক্তিদের তথ্য সংগ্রহের সুবিধার্থে সুপ্রিম কোর্টের বিচারক নিয়োগ অধ্যাদেশ, ২০২৫ অনুসরণপূর্বক আগ্রহী প্রার্থীদের প্রয়োজনীয় তথ্যাদির সংযুক্তি এবং পাসপোর্ট সাইজের ১ (এক) কপি ছবিসহ নির্ধারিত ফরমে দরখাস্ত আগামী ১৫ ডিসেম্বরের মধ্যে বাংলাদেশ সুপ্রিম কোর্টের রেজিস্ট্রার জেনারেলের কার্যালয়ে ডাকযোগে/সরাসরি প্রেরণ করার জন্য নির্দেশক্রমে অত্র গণবিজ্ঞপ্তি জারি করা হলো।

এয়ারবাস না
শেষ পাতার পর

সরবরাহ করে। আমি যদিও এয়ারবাসের প্রতিনিধি নই।

ভিসা ইস্যু:

বাংলাদেশি শিক্ষার্থীদের ভিসা দেওয়ার সময় আরও কমিয়ে আনার কথা বলেন রাষ্ট্রদূত। তিনি বলেন, শিক্ষার্থীদের ভিসার বিষয়টি বড় ধরনের চ্যালেঞ্জ। অনেক শিক্ষার্থী জার্মানিতে পড়তে যেতে চায়। আমরা চেষ্টা করছি, ভিসার দেওয়ার সময়টাকে কমিয়ে আনা যায়। অপরদিকে, বাংলাদেশি ভিসা প্রার্থী আছে তাদের কাছে আমরা সহযোগিতা চাই।

রাষ্ট্রদূত বলেন, আমাদের চাওয়া ভিসা প্রত্যাশীরা সঠিক তথ্য দিক। কারণ, অনেক সময় তারা জাল কাগজপত্র দেন, যার ফলে আমাদের যারা ভিসা দেন তাদের এসব যাচাই-বাছাই করতে অনেক সময় লাগে। অনেক শিক্ষার্থী আছেন যারা সঠিক কাগজ দেন। কিন্তু যারা জাল কাগজপত্র দেন তাদের কারণে অন্যরা ক্ষতিগ্রস্ত হয়। তখন ভিসা প্রাপ্তির সুযোগ সীমিত হয়ে আসে।

সাবেক ডিবি প্রধান
শেষ পাতার পর

৮০১ টাকা মূল্যের জ্ঞাত আয় বহির্ভূত সম্পদ অর্জন করে ভোগ দখলে রেখে দুদক আইনে অপরাধ করেছেন। মামলার সুষ্ঠু তদন্তের স্বার্থে তার আয়কর নথি জব্দ করে পর্যালোচনা করা একান্ত প্রয়োজন।

পাকিস্তানি সেনাদের
শেষ পাতার পর

নিয়ে আফগান সরকারের মুখপাত্র জবিহুল্লাহ মুজাহিদ বলেছেন, “আমাদের আকাশসীমা, অঞ্চল এবং জনগণকে রক্ষা করা আমাদের বৈধ অধিকার। উপযুক্ত সময়ে একটি প্রয়োজনীয় জবাব দেওয়া হবে।”

সূত্র: দ্য ন্যাশন

জাতিসংঘের শান্তিরক্ষা
শেষ পাতার পর

বাংলাদেশ নৌবাহিনী। ‘বানৌজা সংগ্রাম’ লেবাননের জলসীমায় সমুদ্রসীমা অস্ত্র অনুপ্রবেশ প্রতিরোধ, উদ্ধার তৎপরতা ও প্রবাসী বাংলাদেশিদের সেবা প্রদানসহ গুরুত্বপূর্ণ ভূমিকা রেখে চলেছে- যা বিশ্ব শান্তিতে বাংলাদেশের সুনাম আরও উজ্জ্বল করছে।

ব্রাজিলের সাবেক
শেষ পাতার পর

হওয়ায় সাবেক প্রেসিডেন্টকে তার দণ্ড ভোগ শুরু করতে হবে।

গত আগস্ট থেকেই গৃহবন্দি ছিলেন বলসোনারো। ওই সময় তার পায়ে একটি ইলেকট্রনিক অ্যাংকেল ট্যাগ লাগানো ছিল। কিন্তু এটি কেটে ফেলার চেষ্টা করেন বলসোনারো। এরপর শনিবার তাকে নিজেদের অধীনে নিয়ে যায় পুলিশ।

বলসোনারো ছাড়াও তার হয় সহযোগীকে তাদের দণ্ড ভোগ শুরুর নির্দেশ দেওয়া হয়েছে।

সূত্র: দ্য গার্ডিয়ান

বিএনপি নেতা
শেষ পাতার পর

ওই অনুষ্ঠানে আন্তর্জাতিক অপরাধ ট্রাইব্যুনালের বিচার নিয়ে নানা মন্তব্য করেন। যা আদালত অবমাননার শামিল।

ফজলুর রহমানের আর কোনো পরিচয় আছে কিনা জানতে চান ট্রাইব্যুনাল। তিনি বিএনপি চেয়ারপার্সনের উপদেষ্টা ও আগামী জাতীয় সংসদ নির্বাচনে এমপি প্রার্থী বলে জানান প্রসিকিউটর তামিম। একইসঙ্গে জুলাই বিপ্লব নিয়ে আগেও এমন বিরূপ মন্তব্য করার কারণে তার বিএনপির পদটি স্থগিত রেখেছে বলেও উল্লেখ করা হয়। পরে কোন আইনে অবমাননা করেছেন তা পড়েন প্রসিকিউটর তামিম।

এ সময় বেসরকারি টেলিভিশন চ্যানেল টোয়েন্টিফোরের ওই টকশোতে ট্রাইব্যুনাল নিয়ে মন্তব্য করা ফজলুর রহমানের কথাগুলো বাজিয়ে শোনানো হয়। পরে বাকি শুনানির জন্য নতুন দিন ঠিক করেন ট্রাইব্যুনাল।

পরে এ বিষয়ে প্রেস ব্রিফিংয়ে প্রসিকিউটর মিজানুল ইসলাম বলেন, ফজলুর রহমানের বিরুদ্ধে আমরা আদালত অবমাননার একটি অভিযোগ এনেছি। তিনি এই ট্রাইব্যুনালের বিচার মানেন না বলে মন্তব্য করেছেন, যা শুরু থেকেই বলে আসছেন বলে জানিয়েছেন ওই টকশোতে। এখানে শেখ হাসিনার বিচার হতে পারে না এমন কথাও বলেছেন। একইসঙ্গে বর্তমান ট্রাইব্যুনালের সব বিচার নিয়ে প্রশ্ন তুলেছেন। অর্থাৎ অবজ্ঞা ও অবহেলা করেছেন। এছাড়া প্রসিকিউশন নিয়েও প্রশ্ন তুলেছেন তিনি। তার এসব কথা একটি বিচারালয়ের জন্য বা বিচারকদের প্রতি অবমাননা করে।

একসঙ্গে ৮২৬ বিচারককে বদলি
নিজস্ব প্রতিবেদক

সারাদেশে একসঙ্গে ৮২৬ বিচারককে বদলি করে প্রজ্ঞাপন জারি করেছে আইন মন্ত্রণালয়। বুধবার আইন মন্ত্রণালয় থেকে এ সংক্রান্ত বদলি ও পদোন্নতির এ প্রজ্ঞাপন জারি করা হয়।

প্রজ্ঞাপনের তথ্য অনুযায়ী, তিনটি পদে পদোন্নতি ও পদায়ন হয়েছেন ৮২৬ জন। এর মধ্যে অতিরিক্ত জেলা জজ থেকে জেলা জজ ২৫০ জন, যুগ্ম জেলা জজ থেকে অতিরিক্ত জেলা জজ ২৯৪ জন ও সিনিয়র সহকারী জজ থেকে যুগ্ম জেলা জজ ২৮২ জন।

প্রজ্ঞাপনে বলা হয়, বদলীকৃতদের দপ্তরপ্রধান কর্তৃক মনোনীত কর্মকর্তার নিকট আগামী ২৭ নভেম্বর বর্তমান পদের দায়িত্বভার অর্পণ করে আগামী ১ ডিসেম্বরের মধ্যে বদলীকৃত কর্মস্থলে যোগদানের জন্য নির্দেশক্রমে অনুরোধ করা হয়েছে। এ ছাড়া প্রশিক্ষণ, মাতৃত্বকালীন ছুটি, বহিঃবাংলাদেশ ছুটিতে থাকা কর্মকর্তাদের প্রশিক্ষণ ও ছুটি শেষে কর্মস্থলে যোগদান করে কার্যভার হস্তান্তর করে অবিলম্বে পদোন্নতিপ্রাপ্ত কর্মস্থলে যোগদানের জন্য নির্দেশক্রমে অনুরোধ করা হয়েছে।
